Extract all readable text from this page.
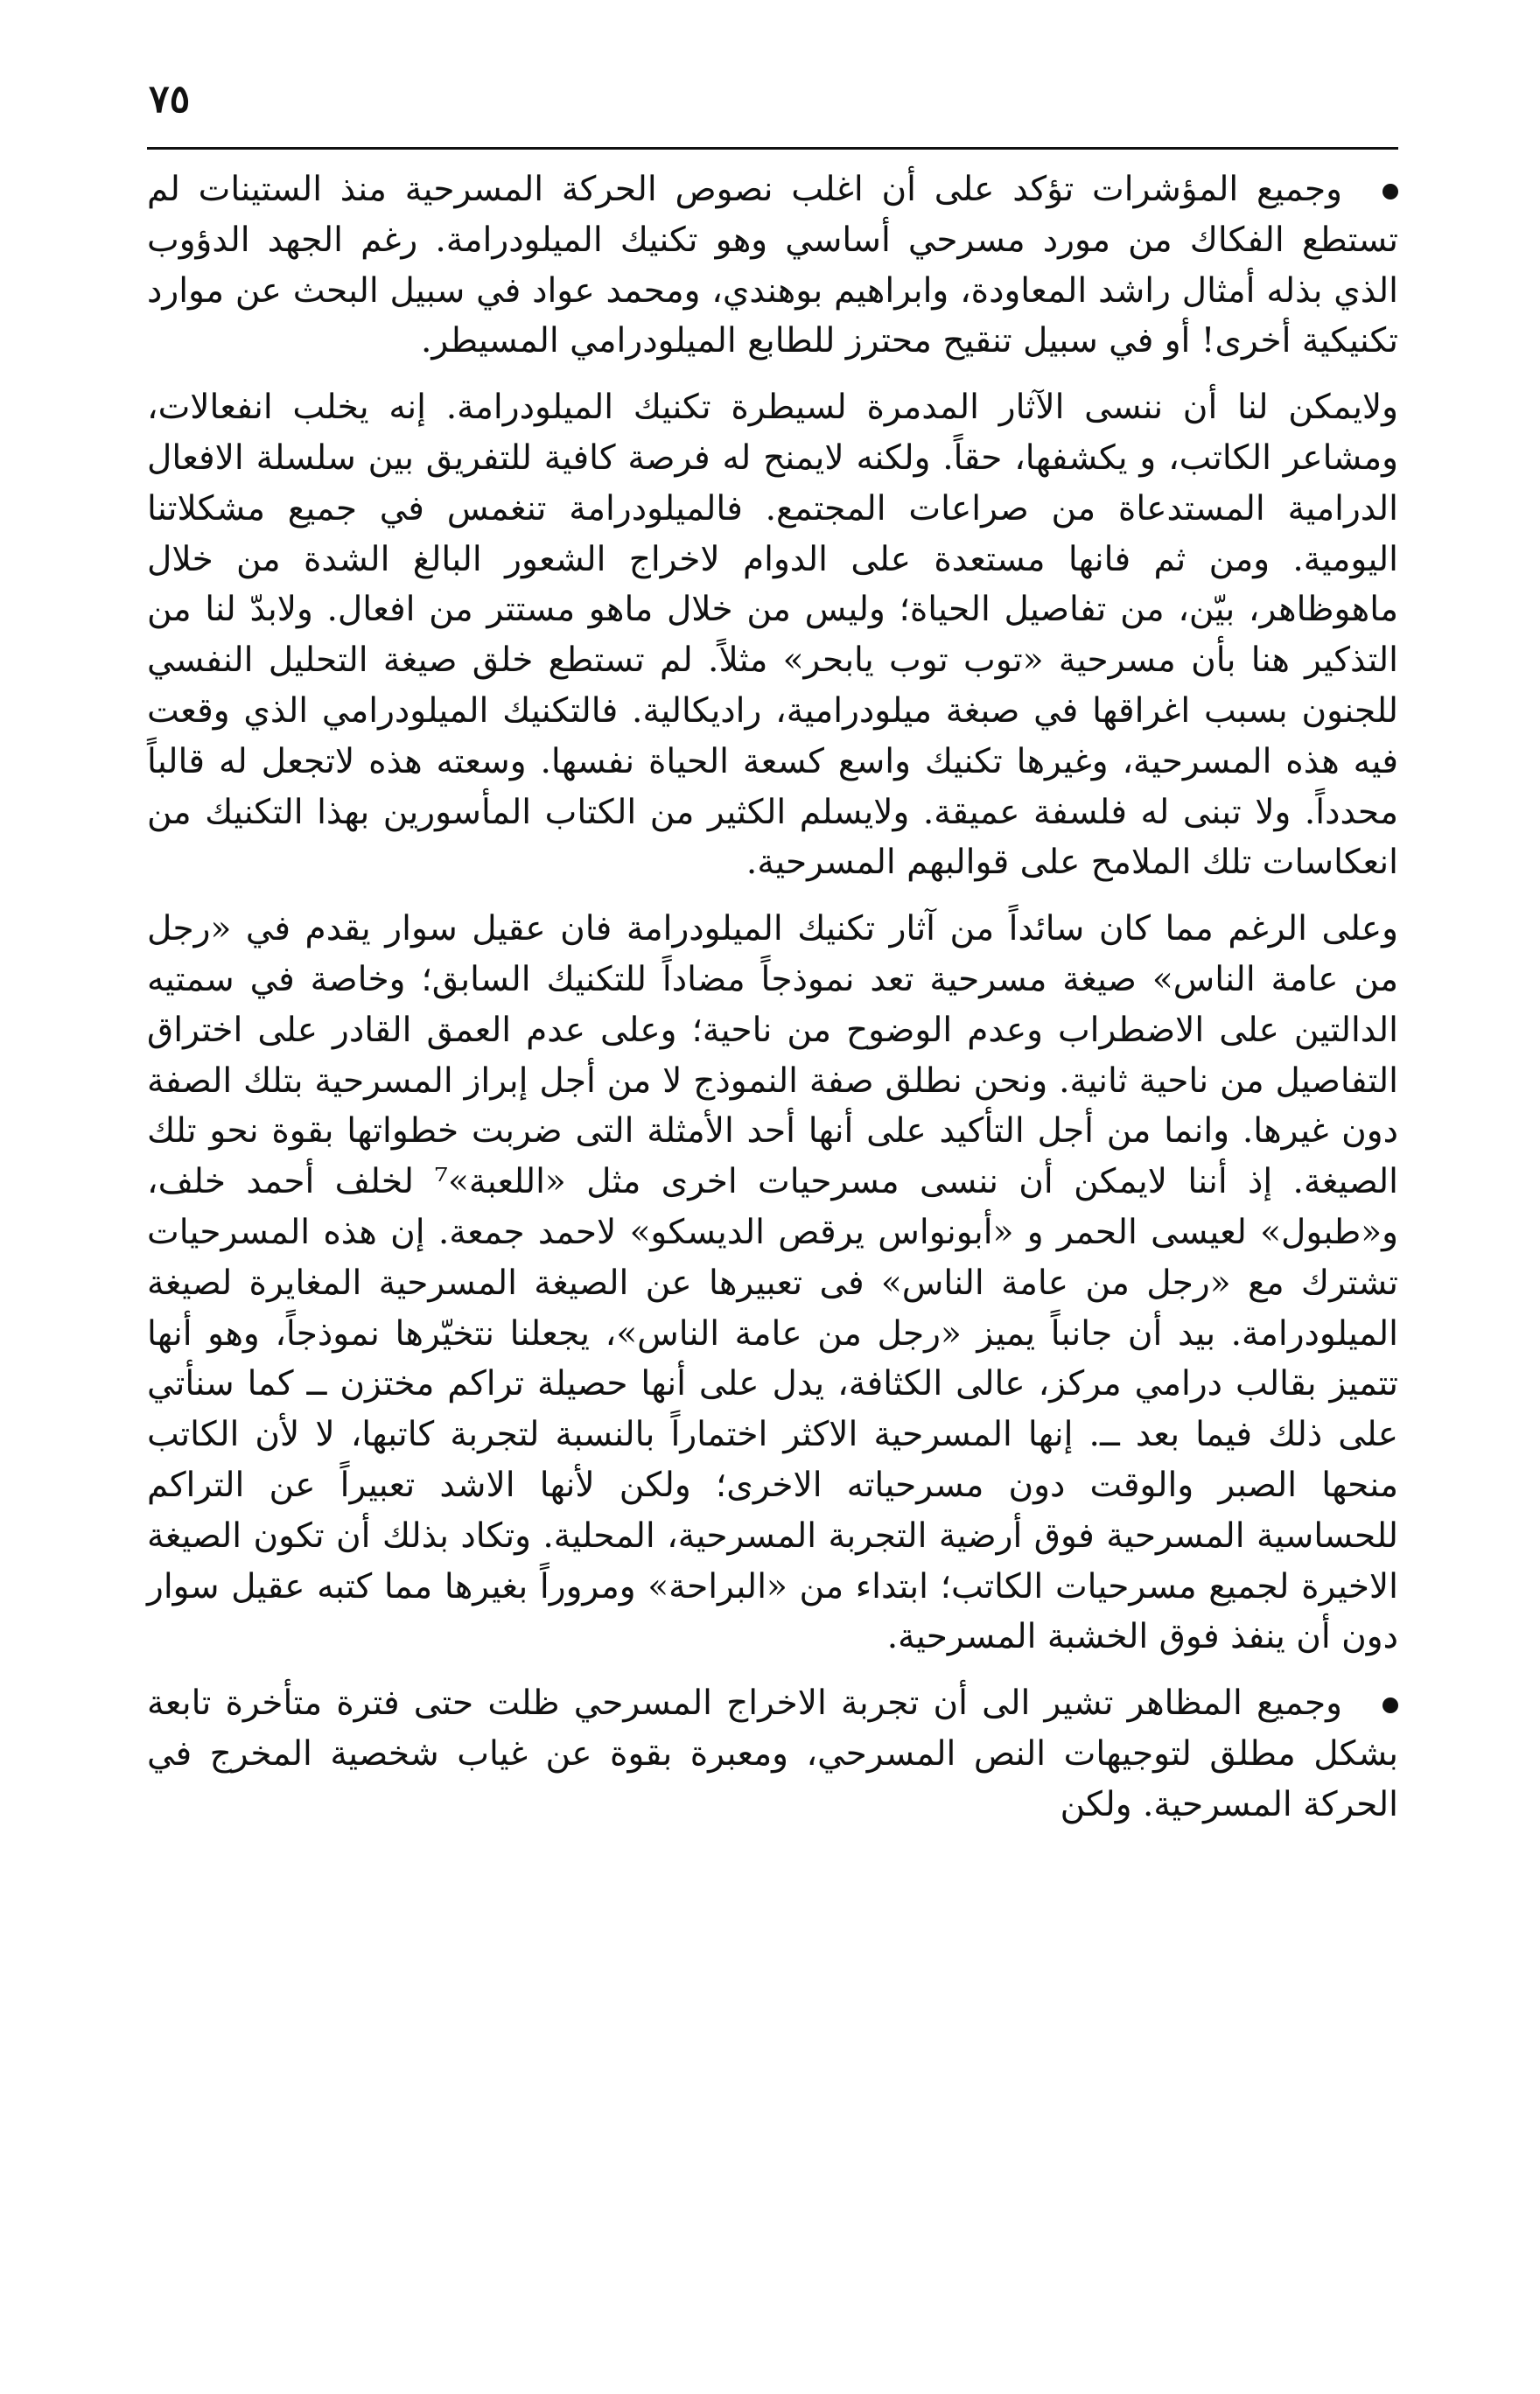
٧٥

وجميع المؤشرات تؤكد على أن اغلب نصوص الحركة المسرحية منذ الستينات لم تستطع الفكاك من مورد مسرحي أساسي وهو تكنيك الميلودرامة. رغم الجهد الدؤوب الذي بذله أمثال راشد المعاودة، وابراهيم بوهندي، ومحمد عواد في سبيل البحث عن موارد تكنيكية أخرى! أو في سبيل تنقيح محترز للطابع الميلودرامي المسيطر.

ولايمكن لنا أن ننسى الآثار المدمرة لسيطرة تكنيك الميلودرامة. إنه يخلب انفعالات، ومشاعر الكاتب، و يكشفها، حقاً. ولكنه لايمنح له فرصة كافية للتفريق بين سلسلة الافعال الدرامية المستدعاة من صراعات المجتمع. فالميلودرامة تنغمس في جميع مشكلاتنا اليومية. ومن ثم فانها مستعدة على الدوام لاخراج الشعور البالغ الشدة من خلال ماهوظاهر، بيّن، من تفاصيل الحياة؛ وليس من خلال ماهو مستتر من افعال. ولابدّ لنا من التذكير هنا بأن مسرحية «توب توب يابحر» مثلاً. لم تستطع خلق صيغة التحليل النفسي للجنون بسبب اغراقها في صبغة ميلودرامية، راديكالية. فالتكنيك الميلودرامي الذي وقعت فيه هذه المسرحية، وغيرها تكنيك واسع كسعة الحياة نفسها. وسعته هذه لاتجعل له قالباً محدداً. ولا تبنى له فلسفة عميقة. ولايسلم الكثير من الكتاب المأسورين بهذا التكنيك من انعكاسات تلك الملامح على قوالبهم المسرحية.

وعلى الرغم مما كان سائداً من آثار تكنيك الميلودرامة فان عقيل سوار يقدم في «رجل من عامة الناس» صيغة مسرحية تعد نموذجاً مضاداً للتكنيك السابق؛ وخاصة في سمتيه الدالتين على الاضطراب وعدم الوضوح من ناحية؛ وعلى عدم العمق القادر على اختراق التفاصيل من ناحية ثانية. ونحن نطلق صفة النموذج لا من أجل إبراز المسرحية بتلك الصفة دون غيرها. وانما من أجل التأكيد على أنها أحد الأمثلة التى ضربت خطواتها بقوة نحو تلك الصيغة. إذ أننا لايمكن أن ننسى مسرحيات اخرى مثل «اللعبة»⁷ لخلف أحمد خلف، و«طبول» لعيسى الحمر و «أبونواس يرقص الديسكو» لاحمد جمعة. إن هذه المسرحيات تشترك مع «رجل من عامة الناس» فى تعبيرها عن الصيغة المسرحية المغايرة لصيغة الميلودرامة. بيد أن جانباً يميز «رجل من عامة الناس»، يجعلنا نتخيّرها نموذجاً، وهو أنها تتميز بقالب درامي مركز، عالى الكثافة، يدل على أنها حصيلة تراكم مختزن ــ كما سنأتي على ذلك فيما بعد ــ. إنها المسرحية الاكثر اختماراً بالنسبة لتجربة كاتبها، لا لأن الكاتب منحها الصبر والوقت دون مسرحياته الاخرى؛ ولكن لأنها الاشد تعبيراً عن التراكم للحساسية المسرحية فوق أرضية التجربة المسرحية، المحلية. وتكاد بذلك أن تكون الصيغة الاخيرة لجميع مسرحيات الكاتب؛ ابتداء من «البراحة» ومروراً بغيرها مما كتبه عقيل سوار دون أن ينفذ فوق الخشبة المسرحية.

وجميع المظاهر تشير الى أن تجربة الاخراج المسرحي ظلت حتى فترة متأخرة تابعة بشكل مطلق لتوجيهات النص المسرحي، ومعبرة بقوة عن غياب شخصية المخرج في الحركة المسرحية. ولكن
